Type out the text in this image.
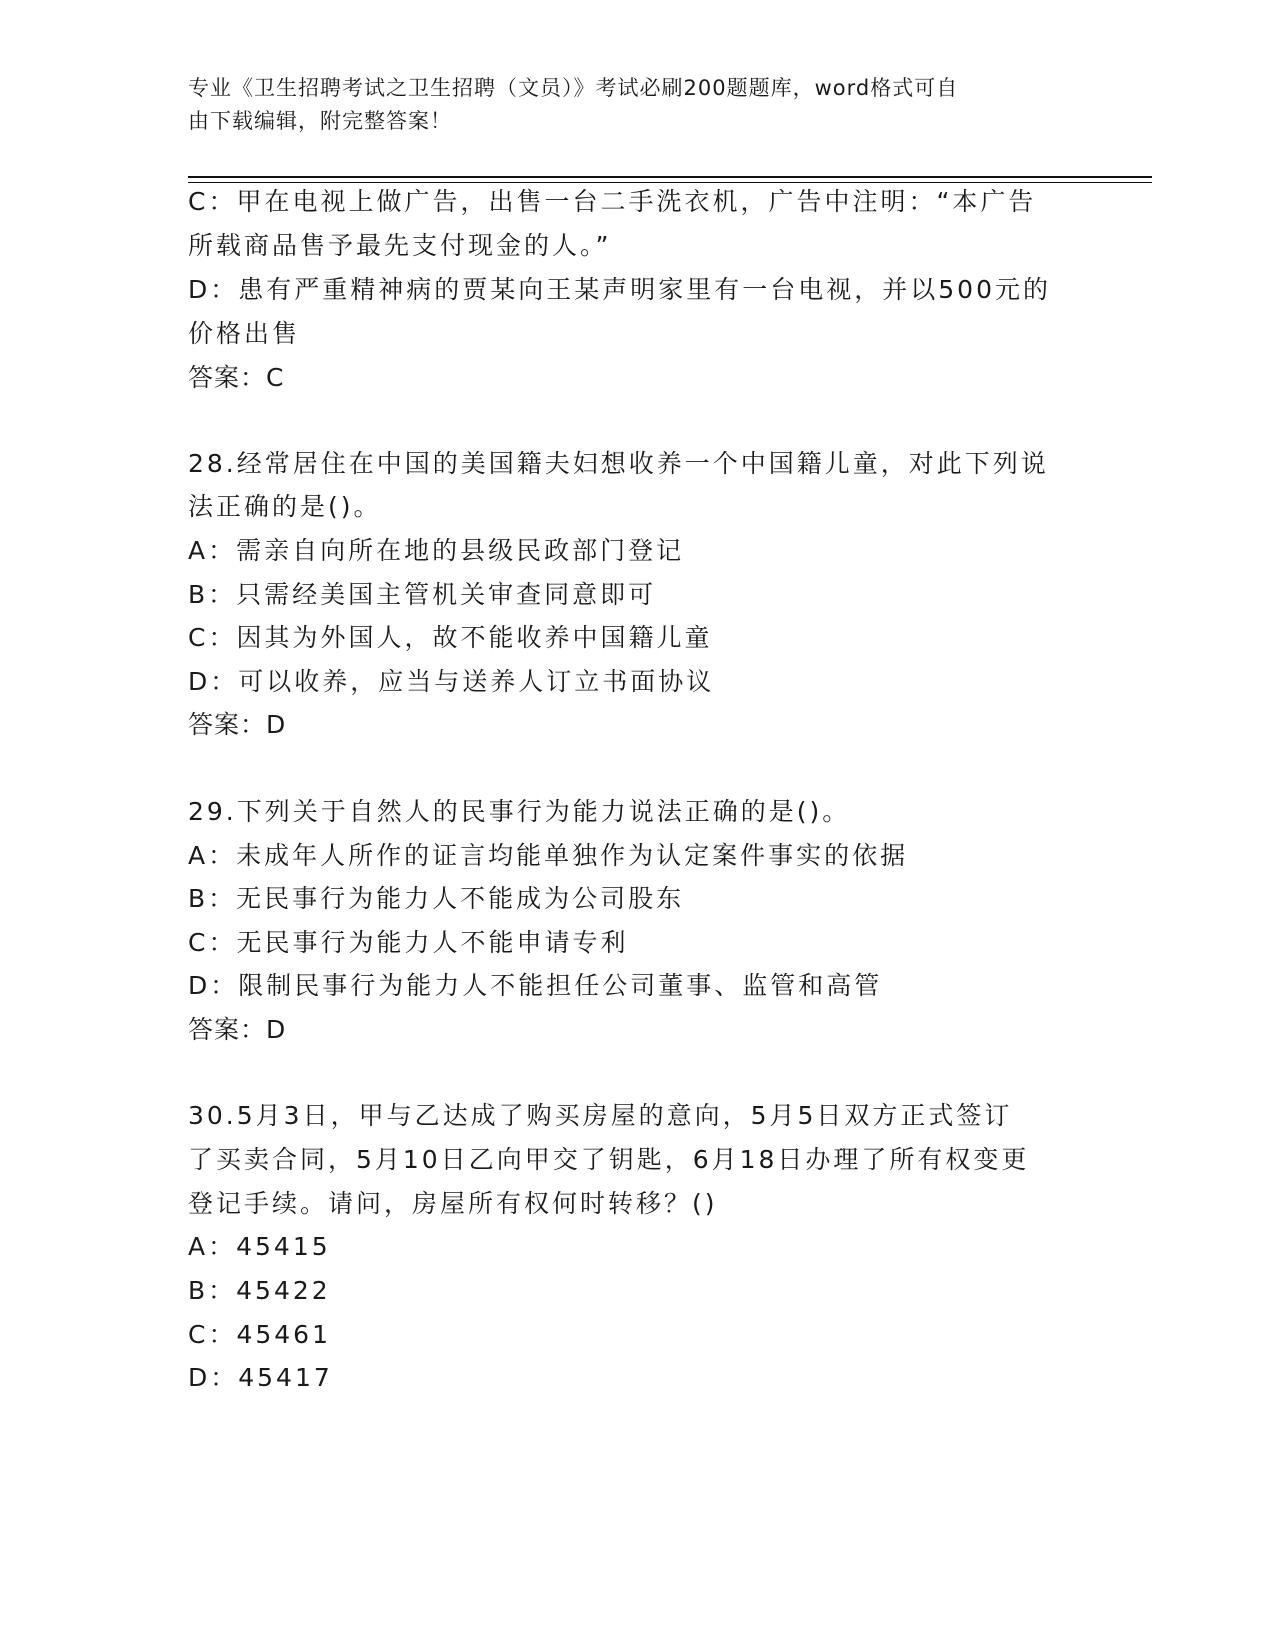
专业《卫生招聘考试之卫生招聘（文员）》考试必刷200题题库，word格式可自
由下载编辑，附完整答案！
C：甲在电视上做广告，出售一台二手洗衣机，广告中注明：“本广告
所载商品售予最先支付现金的人。”
D：患有严重精神病的贾某向王某声明家里有一台电视，并以500元的
价格出售
答案：C
28.经常居住在中国的美国籍夫妇想收养一个中国籍儿童，对此下列说
法正确的是()。
A：需亲自向所在地的县级民政部门登记
B：只需经美国主管机关审查同意即可
C：因其为外国人，故不能收养中国籍儿童
D：可以收养，应当与送养人订立书面协议
答案：D
29.下列关于自然人的民事行为能力说法正确的是()。
A：未成年人所作的证言均能单独作为认定案件事实的依据
B：无民事行为能力人不能成为公司股东
C：无民事行为能力人不能申请专利
D：限制民事行为能力人不能担任公司董事、监管和高管
答案：D
30.5月3日，甲与乙达成了购买房屋的意向，5月5日双方正式签订
了买卖合同，5月10日乙向甲交了钥匙，6月18日办理了所有权变更
登记手续。请问，房屋所有权何时转移？()
A：45415
B：45422
C：45461
D：45417
